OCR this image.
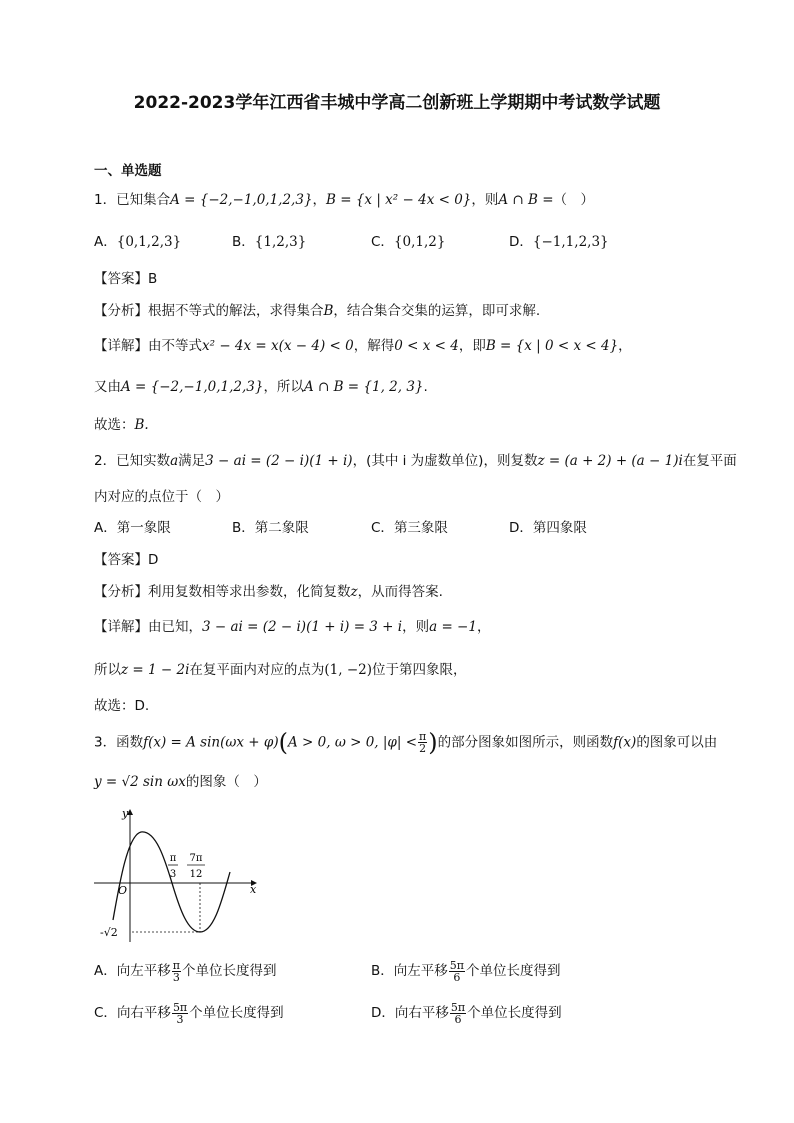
2022-2023学年江西省丰城中学高二创新班上学期期中考试数学试题
一、单选题
1．已知集合A = {−2,−1,0,1,2,3}，B = {x | x² − 4x < 0}，则A ∩ B =（　）
A．{0,1,2,3}	B．{1,2,3}	C．{0,1,2}	D．{−1,1,2,3}
【答案】B
【分析】根据不等式的解法，求得集合B，结合集合交集的运算，即可求解.
【详解】由不等式x² − 4x = x(x − 4) < 0，解得0 < x < 4，即B = {x | 0 < x < 4}，
又由A = {−2,−1,0,1,2,3}，所以A ∩ B = {1, 2, 3}.
故选：B.
2．已知实数a满足3 − ai = (2 − i)(1 + i)，(其中 i 为虚数单位)，则复数z = (a + 2) + (a − 1)i在复平面
内对应的点位于（　）
A．第一象限	B．第二象限	C．第三象限	D．第四象限
【答案】D
【分析】利用复数相等求出参数，化简复数z，从而得答案.
【详解】由已知，3 − ai = (2 − i)(1 + i) = 3 + i，则a = −1，
所以z = 1 − 2i在复平面内对应的点为(1, −2)位于第四象限，
故选：D.
3．函数f(x) = A sin(ωx + φ)(A > 0, ω > 0, $|\varphi| < \frac{\pi}{2}$ )的部分图象如图所示，则函数f(x)的图象可以由
y = √2 sin ωx的图象（　）
y
x
O
π
3
7π
12
-√2
A．向左平移 $\frac{\pi}{3}$ 个单位长度得到	B．向左平移 $\frac{5\pi}{6}$ 个单位长度得到
C．向右平移 $\frac{5\pi}{3}$ 个单位长度得到	D．向右平移 $\frac{5\pi}{6}$ 个单位长度得到
